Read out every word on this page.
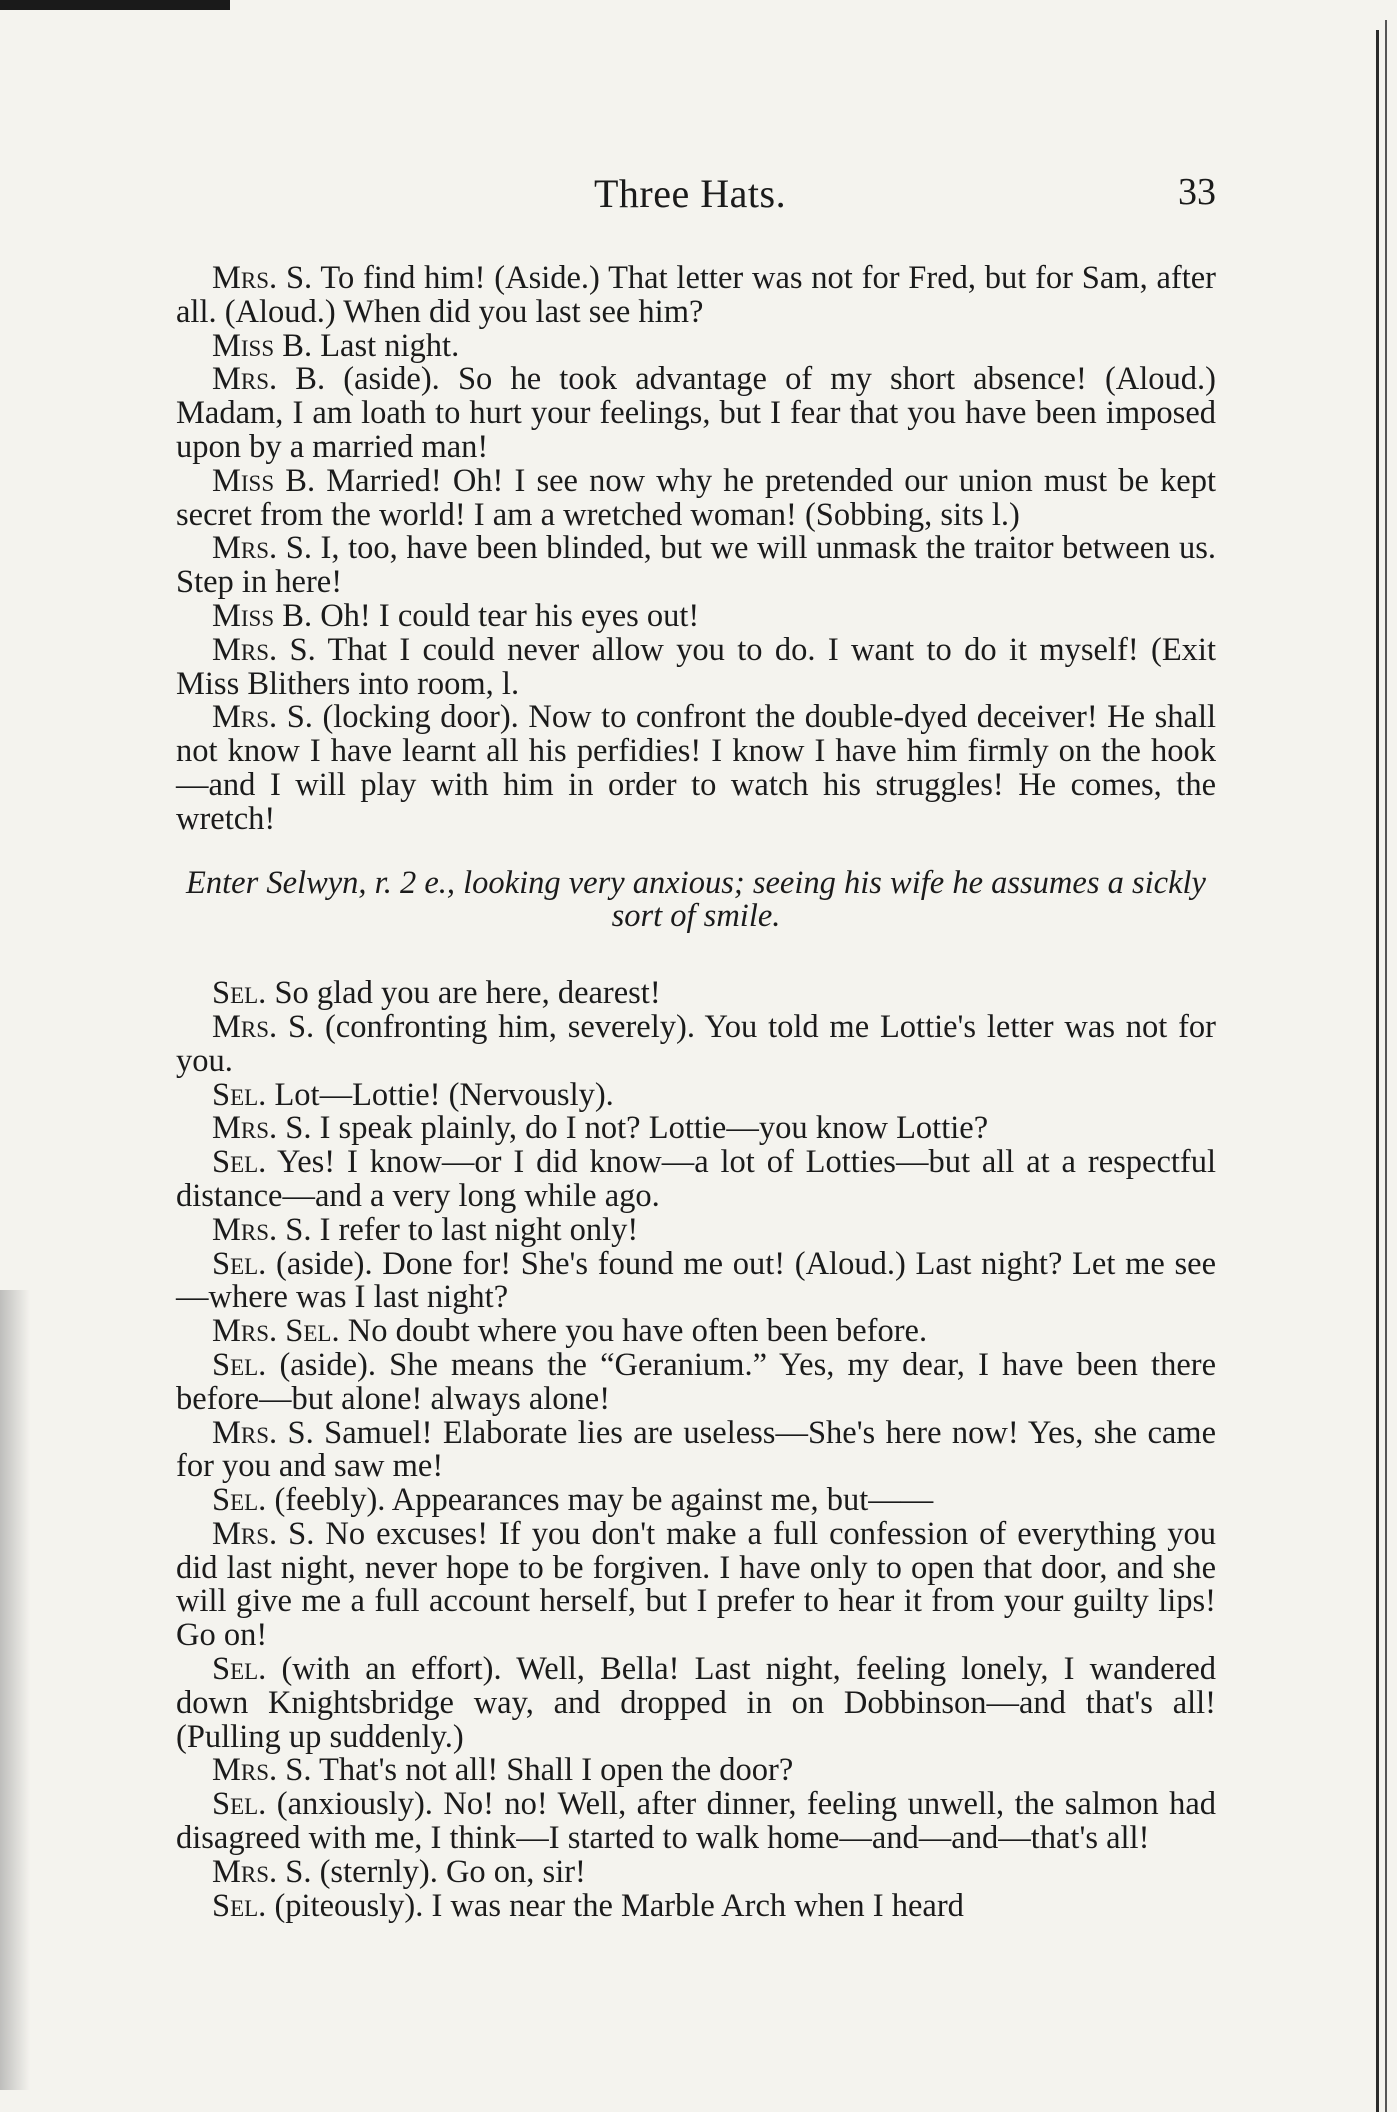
Three Hats.	33

Mrs. S. To find him! (Aside.) That letter was not for Fred, but for Sam, after all. (Aloud.) When did you last see him?

Miss B. Last night.

Mrs. B. (aside). So he took advantage of my short absence! (Aloud.) Madam, I am loath to hurt your feelings, but I fear that you have been imposed upon by a married man!

Miss B. Married! Oh! I see now why he pretended our union must be kept secret from the world! I am a wretched woman! (Sobbing, sits l.)

Mrs. S. I, too, have been blinded, but we will unmask the traitor between us. Step in here!

Miss B. Oh! I could tear his eyes out!

Mrs. S. That I could never allow you to do. I want to do it myself! (Exit Miss Blithers into room, l.

Mrs. S. (locking door). Now to confront the double-dyed deceiver! He shall not know I have learnt all his perfidies! I know I have him firmly on the hook—and I will play with him in order to watch his struggles! He comes, the wretch!

Enter Selwyn, r. 2 e., looking very anxious; seeing his wife he assumes a sickly sort of smile.

Sel. So glad you are here, dearest!

Mrs. S. (confronting him, severely). You told me Lottie's letter was not for you.

Sel. Lot—Lottie! (Nervously).

Mrs. S. I speak plainly, do I not? Lottie—you know Lottie?

Sel. Yes! I know—or I did know—a lot of Lotties—but all at a respectful distance—and a very long while ago.

Mrs. S. I refer to last night only!

Sel. (aside). Done for! She's found me out! (Aloud.) Last night? Let me see—where was I last night?

Mrs. Sel. No doubt where you have often been before.

Sel. (aside). She means the “Geranium.” Yes, my dear, I have been there before—but alone! always alone!

Mrs. S. Samuel! Elaborate lies are useless—She's here now! Yes, she came for you and saw me!

Sel. (feebly). Appearances may be against me, but——

Mrs. S. No excuses! If you don't make a full confession of everything you did last night, never hope to be forgiven. I have only to open that door, and she will give me a full account herself, but I prefer to hear it from your guilty lips! Go on!

Sel. (with an effort). Well, Bella! Last night, feeling lonely, I wandered down Knightsbridge way, and dropped in on Dobbinson—and that's all! (Pulling up suddenly.)

Mrs. S. That's not all! Shall I open the door?

Sel. (anxiously). No! no! Well, after dinner, feeling unwell, the salmon had disagreed with me, I think—I started to walk home—and—and—that's all!

Mrs. S. (sternly). Go on, sir!

Sel. (piteously). I was near the Marble Arch when I heard
